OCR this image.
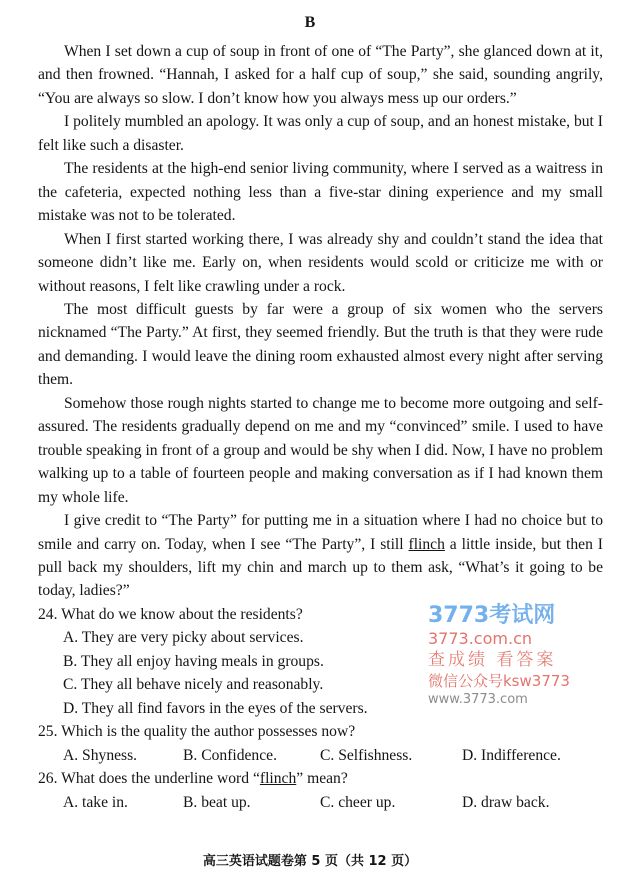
B

When I set down a cup of soup in front of one of “The Party”, she glanced down at it, and then frowned. “Hannah, I asked for a half cup of soup,” she said, sounding angrily, “You are always so slow. I don’t know how you always mess up our orders.”

I politely mumbled an apology. It was only a cup of soup, and an honest mistake, but I felt like such a disaster.

The residents at the high-end senior living community, where I served as a waitress in the cafeteria, expected nothing less than a five-star dining experience and my small mistake was not to be tolerated.

When I first started working there, I was already shy and couldn’t stand the idea that someone didn’t like me. Early on, when residents would scold or criticize me with or without reasons, I felt like crawling under a rock.

The most difficult guests by far were a group of six women who the servers nicknamed “The Party.” At first, they seemed friendly. But the truth is that they were rude and demanding. I would leave the dining room exhausted almost every night after serving them.

Somehow those rough nights started to change me to become more outgoing and self-assured. The residents gradually depend on me and my “convinced” smile. I used to have trouble speaking in front of a group and would be shy when I did. Now, I have no problem walking up to a table of fourteen people and making conversation as if I had known them my whole life.

I give credit to “The Party” for putting me in a situation where I had no choice but to smile and carry on. Today, when I see “The Party”, I still flinch a little inside, but then I pull back my shoulders, lift my chin and march up to them ask, “What’s it going to be today, ladies?”

24. What do we know about the residents?

A. They are very picky about services.

B. They all enjoy having meals in groups.

C. They all behave nicely and reasonably.

D. They all find favors in the eyes of the servers.

3773考试网
3773.com.cn
查成绩 看答案
微信公众号ksw3773
www.3773.com

25. Which is the quality the author possesses now?

A. Shyness.	B. Confidence.	C. Selfishness.	D. Indifference.

26. What does the underline word “flinch” mean?

A. take in.	B. beat up.	C. cheer up.	D. draw back.
高三英语试题卷第 5 页（共 12 页）
